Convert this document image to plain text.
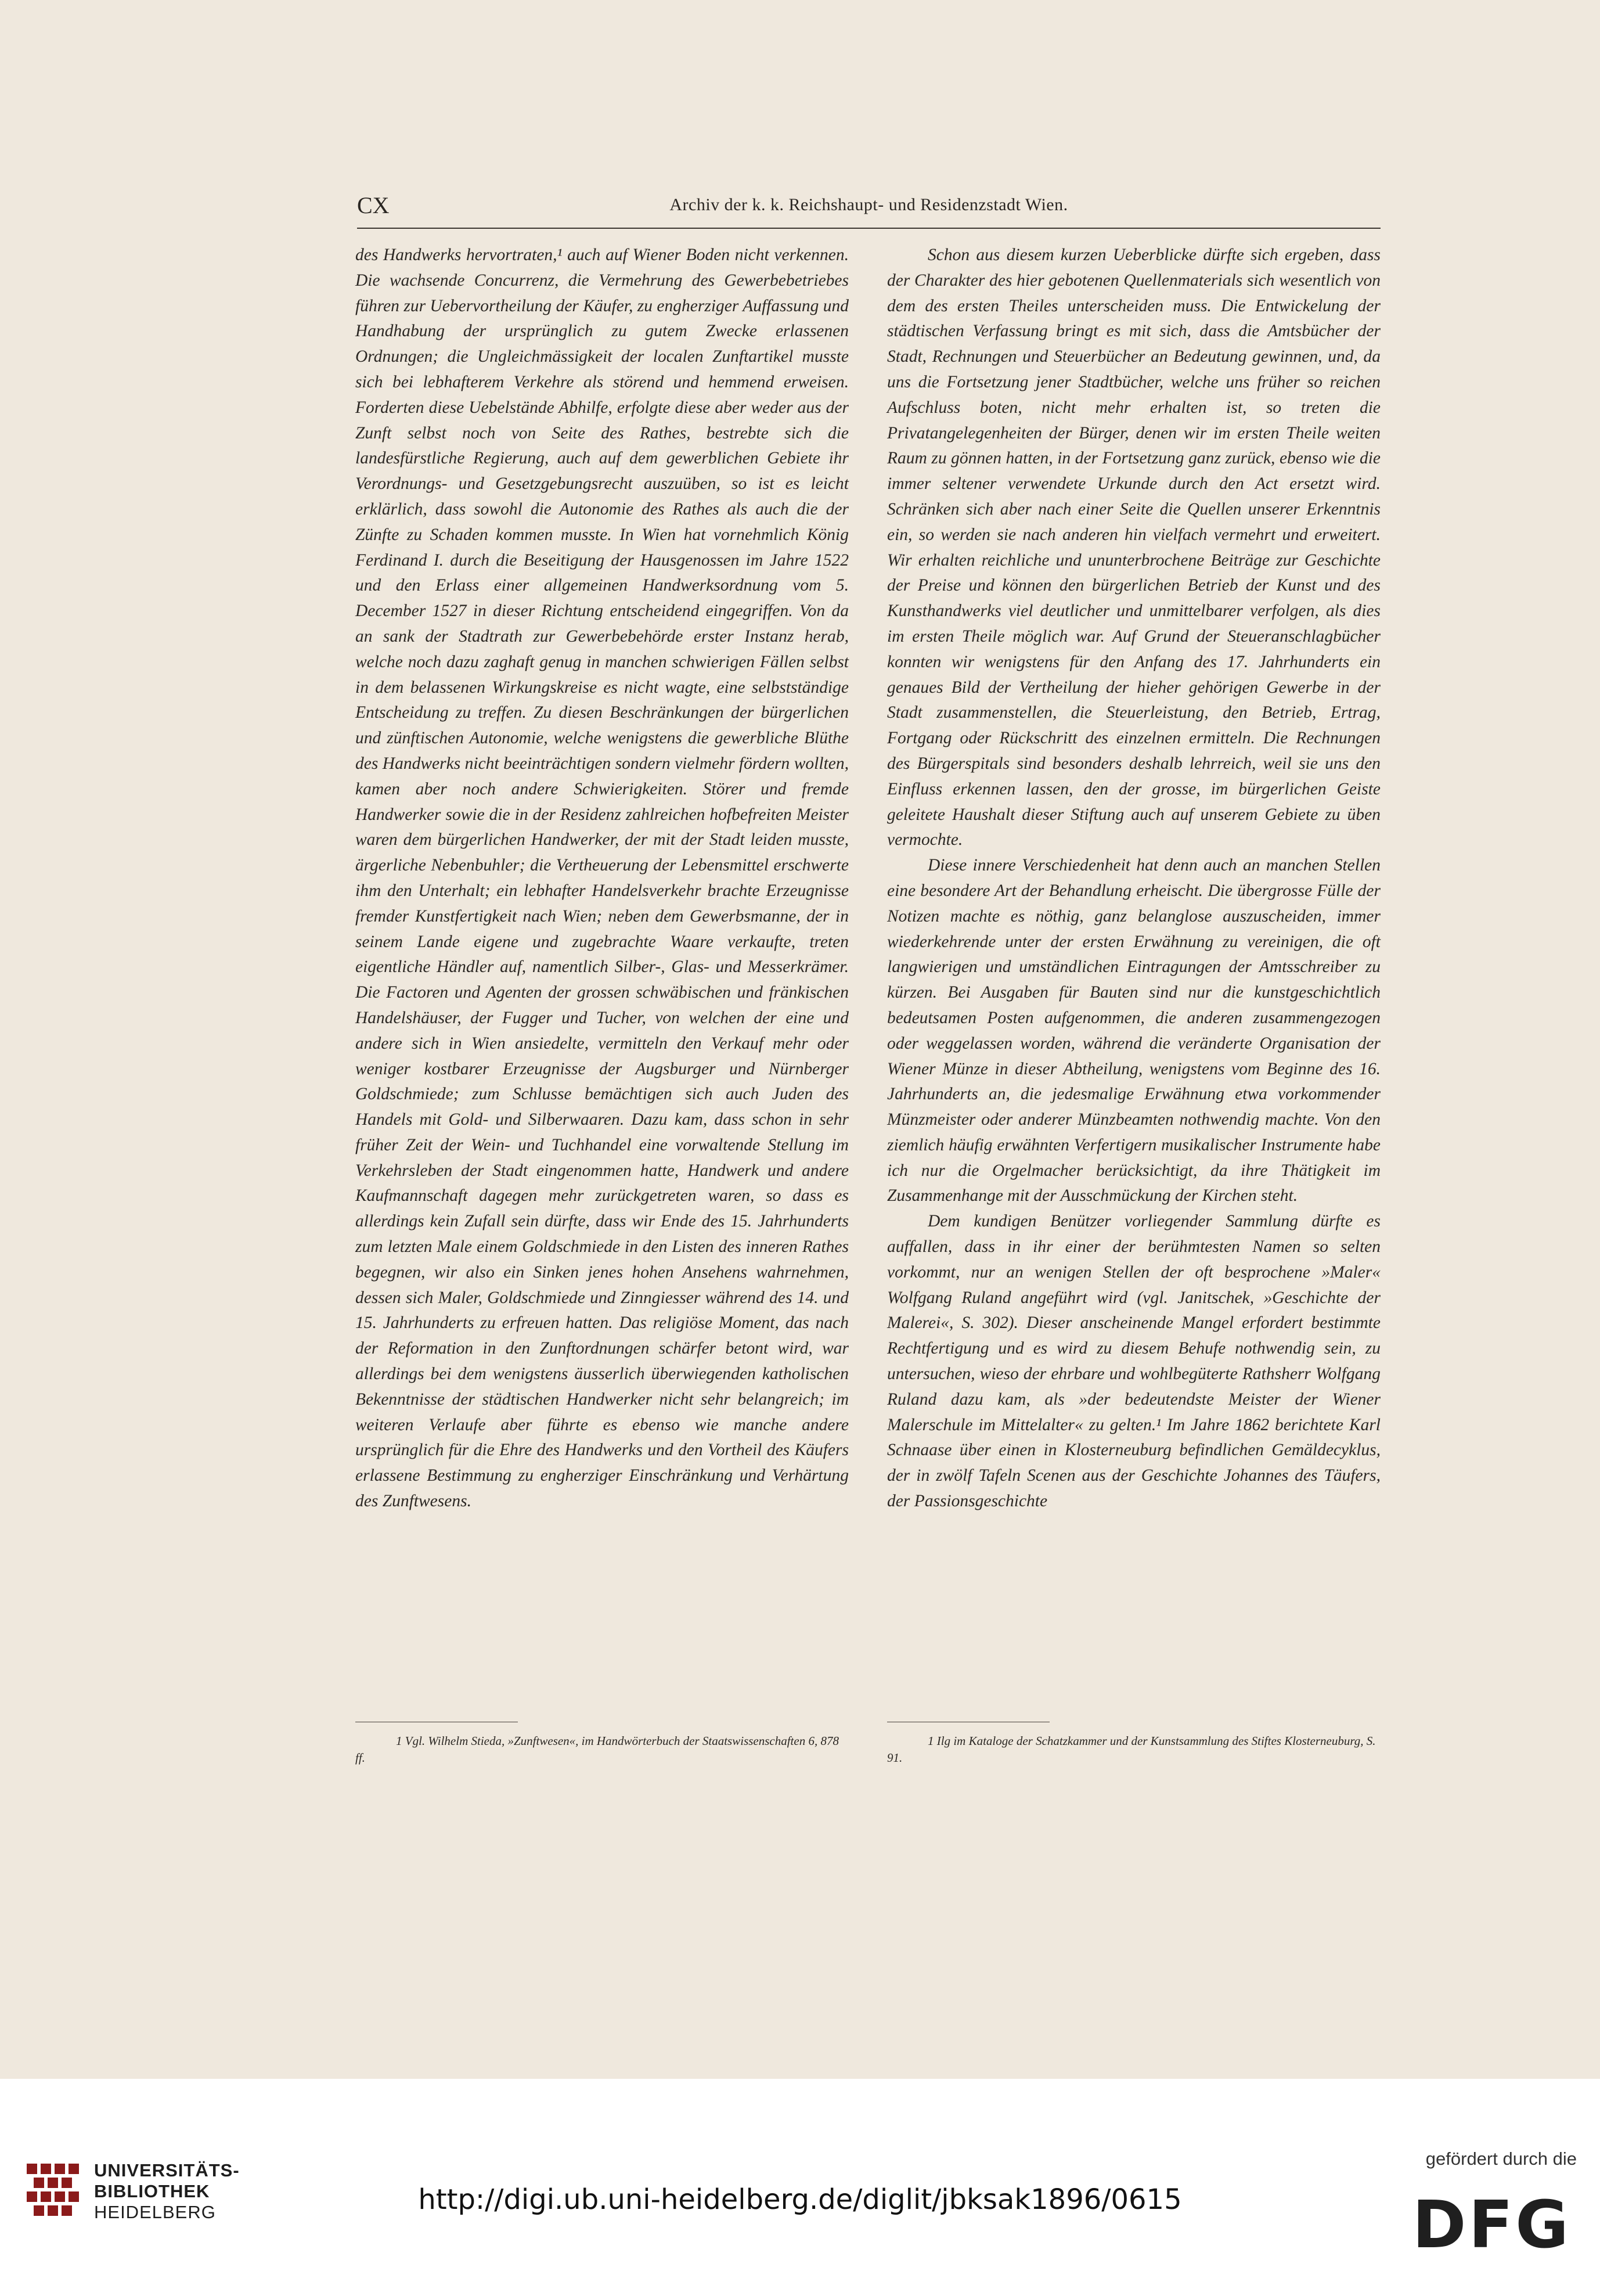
CX	Archiv der k. k. Reichshaupt- und Residenzstadt Wien.

des Handwerks hervortraten,¹ auch auf Wiener Boden nicht verkennen. Die wachsende Concurrenz, die Vermehrung des Gewerbebetriebes führen zur Uebervortheilung der Käufer, zu engherziger Auffassung und Handhabung der ursprünglich zu gutem Zwecke erlassenen Ordnungen; die Ungleichmässigkeit der localen Zunftartikel musste sich bei lebhafterem Verkehre als störend und hemmend erweisen. Forderten diese Uebelstände Abhilfe, erfolgte diese aber weder aus der Zunft selbst noch von Seite des Rathes, bestrebte sich die landesfürstliche Regierung, auch auf dem gewerblichen Gebiete ihr Verordnungs- und Gesetzgebungsrecht auszuüben, so ist es leicht erklärlich, dass sowohl die Autonomie des Rathes als auch die der Zünfte zu Schaden kommen musste. In Wien hat vornehmlich König Ferdinand I. durch die Beseitigung der Hausgenossen im Jahre 1522 und den Erlass einer allgemeinen Handwerksordnung vom 5. December 1527 in dieser Richtung entscheidend eingegriffen. Von da an sank der Stadtrath zur Gewerbebehörde erster Instanz herab, welche noch dazu zaghaft genug in manchen schwierigen Fällen selbst in dem belassenen Wirkungskreise es nicht wagte, eine selbstständige Entscheidung zu treffen. Zu diesen Beschränkungen der bürgerlichen und zünftischen Autonomie, welche wenigstens die gewerbliche Blüthe des Handwerks nicht beeinträchtigen sondern vielmehr fördern wollten, kamen aber noch andere Schwierigkeiten. Störer und fremde Handwerker sowie die in der Residenz zahlreichen hofbefreiten Meister waren dem bürgerlichen Handwerker, der mit der Stadt leiden musste, ärgerliche Nebenbuhler; die Vertheuerung der Lebensmittel erschwerte ihm den Unterhalt; ein lebhafter Handelsverkehr brachte Erzeugnisse fremder Kunstfertigkeit nach Wien; neben dem Gewerbsmanne, der in seinem Lande eigene und zugebrachte Waare verkaufte, treten eigentliche Händler auf, namentlich Silber-, Glas- und Messerkrämer. Die Factoren und Agenten der grossen schwäbischen und fränkischen Handelshäuser, der Fugger und Tucher, von welchen der eine und andere sich in Wien ansiedelte, vermitteln den Verkauf mehr oder weniger kostbarer Erzeugnisse der Augsburger und Nürnberger Goldschmiede; zum Schlusse bemächtigen sich auch Juden des Handels mit Gold- und Silberwaaren. Dazu kam, dass schon in sehr früher Zeit der Wein- und Tuchhandel eine vorwaltende Stellung im Verkehrsleben der Stadt eingenommen hatte, Handwerk und andere Kaufmannschaft dagegen mehr zurückgetreten waren, so dass es allerdings kein Zufall sein dürfte, dass wir Ende des 15. Jahrhunderts zum letzten Male einem Goldschmiede in den Listen des inneren Rathes begegnen, wir also ein Sinken jenes hohen Ansehens wahrnehmen, dessen sich Maler, Goldschmiede und Zinngiesser während des 14. und 15. Jahrhunderts zu erfreuen hatten. Das religiöse Moment, das nach der Reformation in den Zunftordnungen schärfer betont wird, war allerdings bei dem wenigstens äusserlich überwiegenden katholischen Bekenntnisse der städtischen Handwerker nicht sehr belangreich; im weiteren Verlaufe aber führte es ebenso wie manche andere ursprünglich für die Ehre des Handwerks und den Vortheil des Käufers erlassene Bestimmung zu engherziger Einschränkung und Verhärtung des Zunftwesens.

Schon aus diesem kurzen Ueberblicke dürfte sich ergeben, dass der Charakter des hier gebotenen Quellenmaterials sich wesentlich von dem des ersten Theiles unterscheiden muss. Die Entwickelung der städtischen Verfassung bringt es mit sich, dass die Amtsbücher der Stadt, Rechnungen und Steuerbücher an Bedeutung gewinnen, und, da uns die Fortsetzung jener Stadtbücher, welche uns früher so reichen Aufschluss boten, nicht mehr erhalten ist, so treten die Privatangelegenheiten der Bürger, denen wir im ersten Theile weiten Raum zu gönnen hatten, in der Fortsetzung ganz zurück, ebenso wie die immer seltener verwendete Urkunde durch den Act ersetzt wird. Schränken sich aber nach einer Seite die Quellen unserer Erkenntnis ein, so werden sie nach anderen hin vielfach vermehrt und erweitert. Wir erhalten reichliche und ununterbrochene Beiträge zur Geschichte der Preise und können den bürgerlichen Betrieb der Kunst und des Kunsthandwerks viel deutlicher und unmittelbarer verfolgen, als dies im ersten Theile möglich war. Auf Grund der Steueranschlagbücher konnten wir wenigstens für den Anfang des 17. Jahrhunderts ein genaues Bild der Vertheilung der hieher gehörigen Gewerbe in der Stadt zusammenstellen, die Steuerleistung, den Betrieb, Ertrag, Fortgang oder Rückschritt des einzelnen ermitteln. Die Rechnungen des Bürgerspitals sind besonders deshalb lehrreich, weil sie uns den Einfluss erkennen lassen, den der grosse, im bürgerlichen Geiste geleitete Haushalt dieser Stiftung auch auf unserem Gebiete zu üben vermochte.

Diese innere Verschiedenheit hat denn auch an manchen Stellen eine besondere Art der Behandlung erheischt. Die übergrosse Fülle der Notizen machte es nöthig, ganz belanglose auszuscheiden, immer wiederkehrende unter der ersten Erwähnung zu vereinigen, die oft langwierigen und umständlichen Eintragungen der Amtsschreiber zu kürzen. Bei Ausgaben für Bauten sind nur die kunstgeschichtlich bedeutsamen Posten aufgenommen, die anderen zusammengezogen oder weggelassen worden, während die veränderte Organisation der Wiener Münze in dieser Abtheilung, wenigstens vom Beginne des 16. Jahrhunderts an, die jedesmalige Erwähnung etwa vorkommender Münzmeister oder anderer Münzbeamten nothwendig machte. Von den ziemlich häufig erwähnten Verfertigern musikalischer Instrumente habe ich nur die Orgelmacher berücksichtigt, da ihre Thätigkeit im Zusammenhange mit der Ausschmückung der Kirchen steht.

Dem kundigen Benützer vorliegender Sammlung dürfte es auffallen, dass in ihr einer der berühmtesten Namen so selten vorkommt, nur an wenigen Stellen der oft besprochene »Maler« Wolfgang Ruland angeführt wird (vgl. Janitschek, »Geschichte der Malerei«, S. 302). Dieser anscheinende Mangel erfordert bestimmte Rechtfertigung und es wird zu diesem Behufe nothwendig sein, zu untersuchen, wieso der ehrbare und wohlbegüterte Rathsherr Wolfgang Ruland dazu kam, als »der bedeutendste Meister der Wiener Malerschule im Mittelalter« zu gelten.¹ Im Jahre 1862 berichtete Karl Schnaase über einen in Klosterneuburg befindlichen Gemäldecyklus, der in zwölf Tafeln Scenen aus der Geschichte Johannes des Täufers, der Passionsgeschichte

1 Vgl. Wilhelm Stieda, »Zunftwesen«, im Handwörterbuch der Staatswissenschaften 6, 878 ff.

1 Ilg im Kataloge der Schatzkammer und der Kunstsammlung des Stiftes Klosterneuburg, S. 91.

UNIVERSITÄTS-
BIBLIOTHEK
HEIDELBERG	http://digi.ub.uni-heidelberg.de/diglit/jbksak1896/0615
gefördert durch die
DFG
